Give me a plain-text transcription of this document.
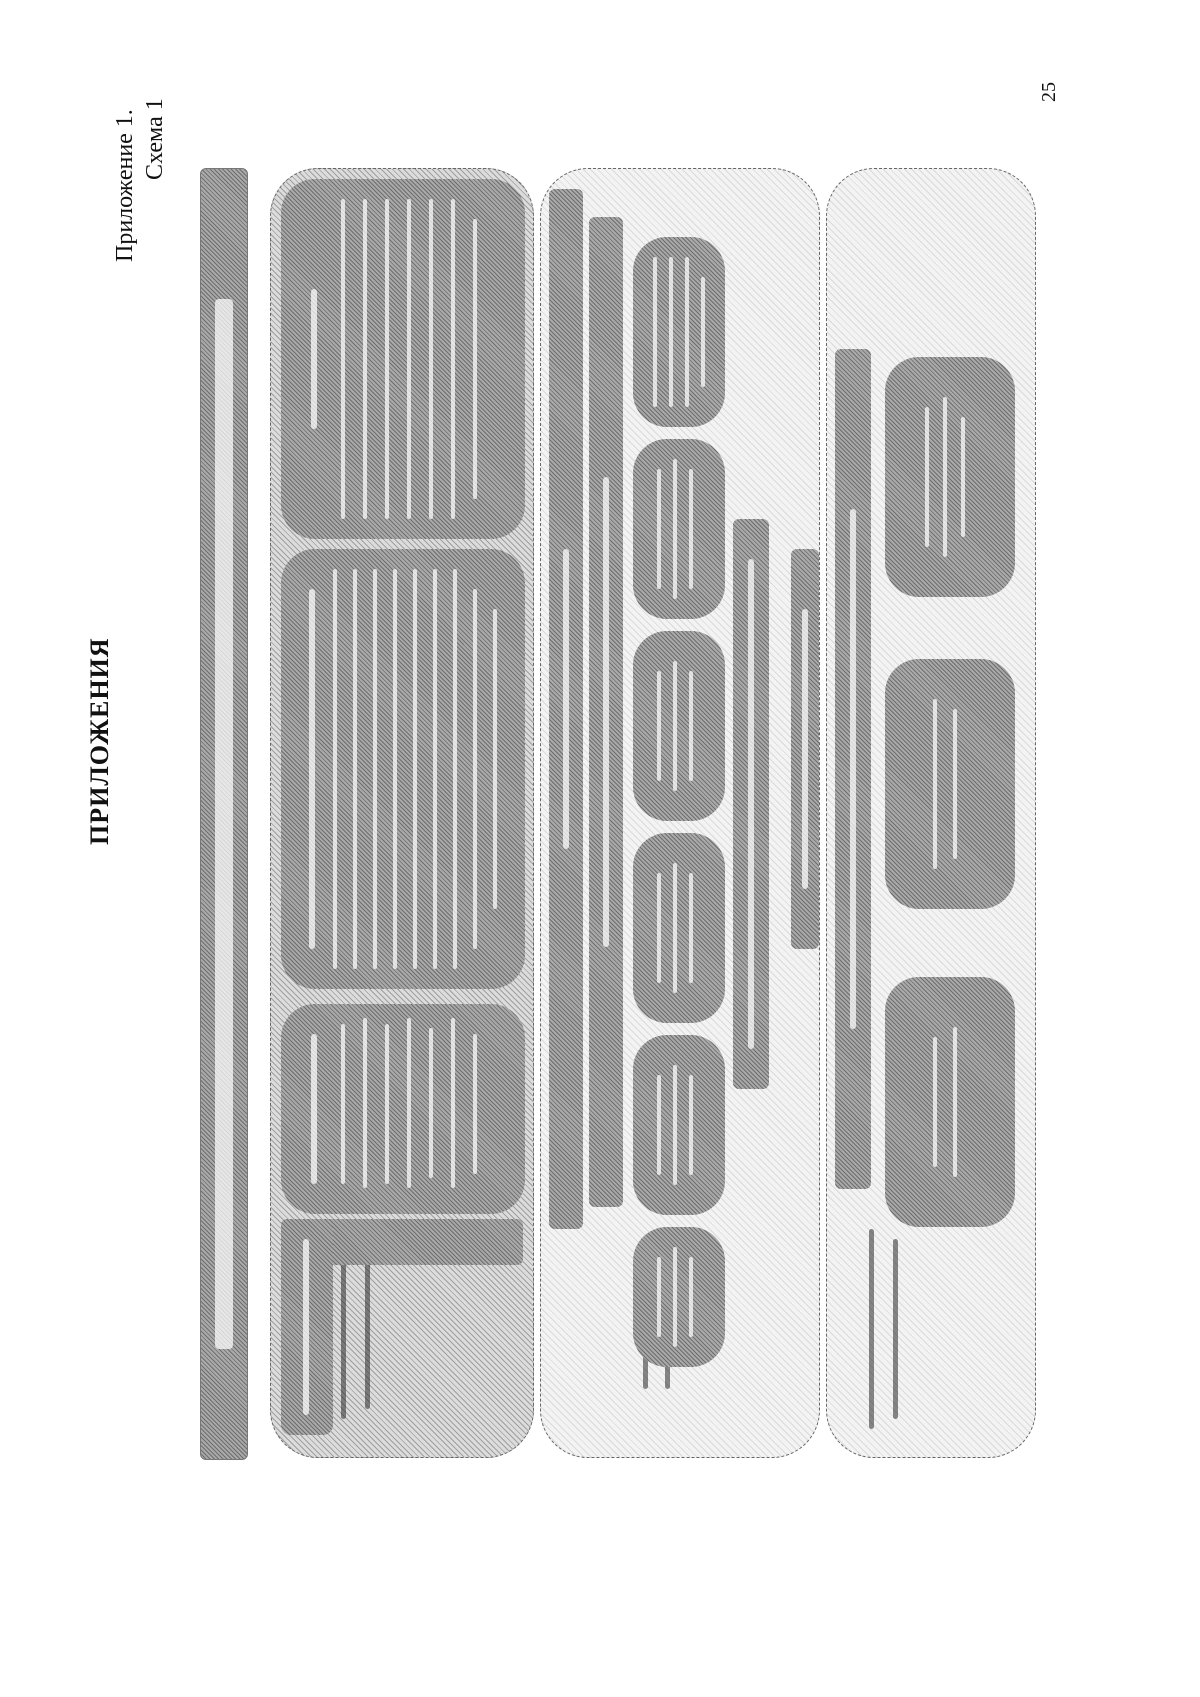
ПРИЛОЖЕНИЯ
Приложение 1. Схема 1
25
